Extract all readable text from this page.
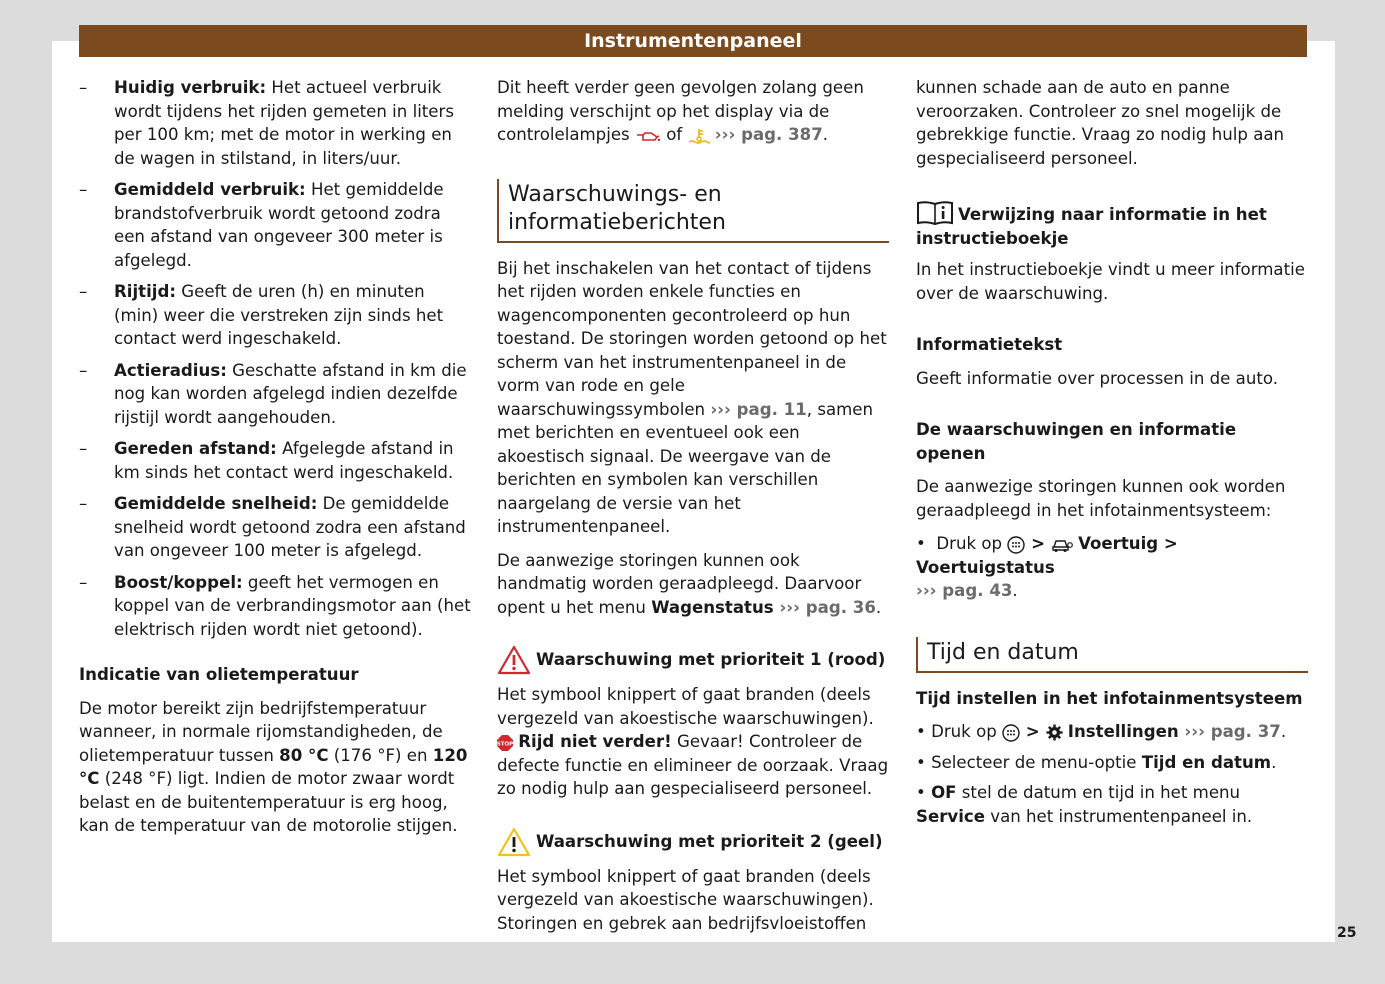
Instrumentenpaneel
– Huidig verbruik: Het actueel verbruik wordt tijdens het rijden gemeten in liters per 100 km; met de motor in werking en de wagen in stilstand, in liters/uur.
– Gemiddeld verbruik: Het gemiddelde brandstofverbruik wordt getoond zodra een afstand van ongeveer 300 meter is afgelegd.
– Rijtijd: Geeft de uren (h) en minuten (min) weer die verstreken zijn sinds het contact werd ingeschakeld.
– Actieradius: Geschatte afstand in km die nog kan worden afgelegd indien dezelfde rijstijl wordt aangehouden.
– Gereden afstand: Afgelegde afstand in km sinds het contact werd ingeschakeld.
– Gemiddelde snelheid: De gemiddelde snelheid wordt getoond zodra een afstand van ongeveer 100 meter is afgelegd.
– Boost/koppel: geeft het vermogen en koppel van de verbrandingsmotor aan (het elektrisch rijden wordt niet getoond).
Indicatie van olietemperatuur

De motor bereikt zijn bedrijfstemperatuur wanneer, in normale rijomstandigheden, de olietemperatuur tussen 80 °C (176 °F) en 120 °C (248 °F) ligt. Indien de motor zwaar wordt belast en de buitentemperatuur is erg hoog, kan de temperatuur van de motorolie stijgen.

Dit heeft verder geen gevolgen zolang geen melding verschijnt op het display via de controlelampjes  of  ››› pag. 387.

Waarschuwings- en informatieberichten

Bij het inschakelen van het contact of tijdens het rijden worden enkele functies en wagencomponenten gecontroleerd op hun toestand. De storingen worden getoond op het scherm van het instrumentenpaneel in de vorm van rode en gele waarschuwingssymbolen ››› pag. 11, samen met berichten en eventueel ook een akoestisch signaal. De weergave van de berichten en symbolen kan verschillen naargelang de versie van het instrumentenpaneel.

De aanwezige storingen kunnen ook handmatig worden geraadpleegd. Daarvoor opent u het menu Wagenstatus ››› pag. 36.

Waarschuwing met prioriteit 1 (rood)

Het symbool knippert of gaat branden (deels vergezeld van akoestische waarschuwingen).
STOP Rijd niet verder! Gevaar! Controleer de defecte functie en elimineer de oorzaak. Vraag zo nodig hulp aan gespecialiseerd personeel.

Waarschuwing met prioriteit 2 (geel)

Het symbool knippert of gaat branden (deels vergezeld van akoestische waarschuwingen). Storingen en gebrek aan bedrijfsvloeistoffen

kunnen schade aan de auto en panne veroorzaken. Controleer zo snel mogelijk de gebrekkige functie. Vraag zo nodig hulp aan gespecialiseerd personeel.

Verwijzing naar informatie in het instructieboekje

In het instructieboekje vindt u meer informatie over de waarschuwing.

Informatietekst

Geeft informatie over processen in de auto.

De waarschuwingen en informatie openen

De aanwezige storingen kunnen ook worden geraadpleegd in het infotainmentsysteem:

•  Druk op  >  Voertuig > Voertuigstatus
››› pag. 43.
Tijd en datum
Tijd instellen in het infotainmentsysteem
• Druk op  >  Instellingen ››› pag. 37.
• Selecteer de menu-optie Tijd en datum.
• OF stel de datum en tijd in het menu Service van het instrumentenpaneel in.
25
